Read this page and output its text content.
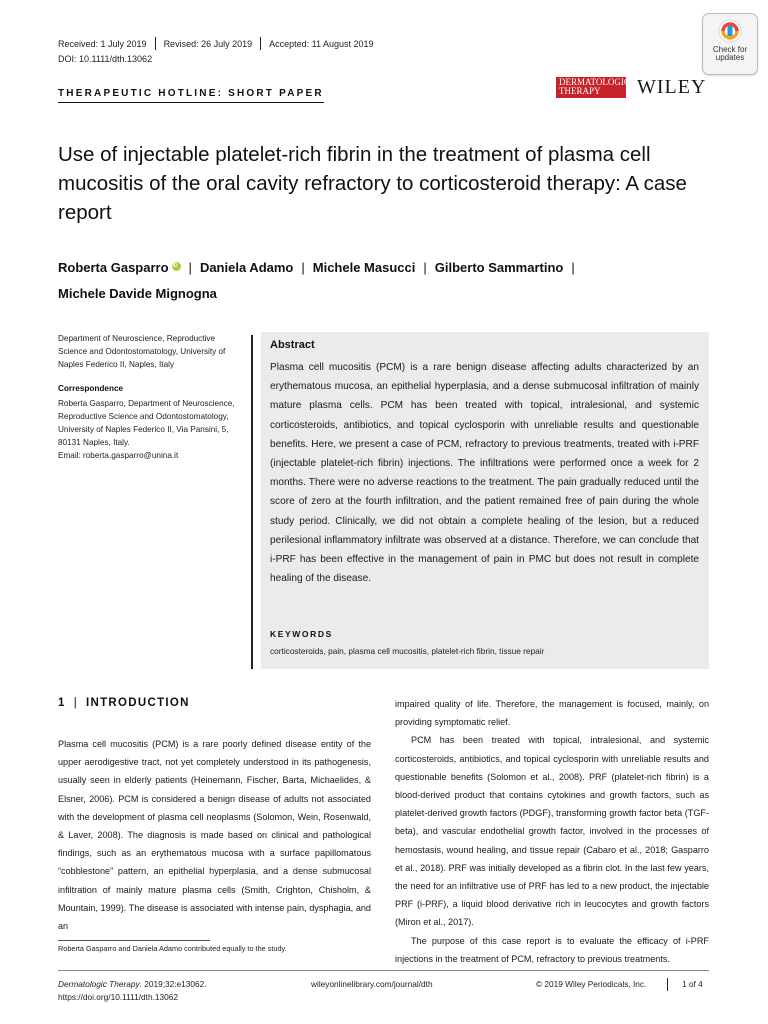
Received: 1 July 2019 Revised: 26 July 2019 Accepted: 11 August 2019
DOI: 10.1111/dth.13062
Check for
updates
THERAPEUTIC HOTLINE: SHORT PAPER
DERMATOLOGIC
THERAPY	WILEY
Use of injectable platelet-rich fibrin in the treatment of plasma cell mucositis of the oral cavity refractory to corticosteroid therapy: A case report
Roberta GasparroiD | Daniela Adamo | Michele Masucci | Gilberto Sammartino |
Michele Davide Mignogna
Department of Neuroscience, Reproductive Science and Odontostomatology, University of Naples Federico II, Naples, Italy
Correspondence
Roberta Gasparro, Department of Neuroscience, Reproductive Science and Odontostomatology, University of Naples Federico II, Via Pansini, 5, 80131 Naples, Italy.
Email: roberta.gasparro@unina.it
Abstract
Plasma cell mucositis (PCM) is a rare benign disease affecting adults characterized by an erythematous mucosa, an epithelial hyperplasia, and a dense submucosal infiltration of mainly mature plasma cells. PCM has been treated with topical, intralesional, and systemic corticosteroids, antibiotics, and topical cyclosporin with unreliable results and questionable benefits. Here, we present a case of PCM, refractory to previous treatments, treated with i-PRF (injectable platelet-rich fibrin) injections. The infiltrations were performed once a week for 2 months. There were no adverse reactions to the treatment. The pain gradually reduced until the score of zero at the fourth infiltration, and the patient remained free of pain during the whole study period. Clinically, we did not obtain a complete healing of the lesion, but a reduced perilesional inflammatory infiltrate was observed at a distance. Therefore, we can conclude that i-PRF has been effective in the management of pain in PMC but does not result in complete healing of the disease.
KEYWORDS
corticosteroids, pain, plasma cell mucositis, platelet-rich fibrin, tissue repair
1 | INTRODUCTION

Plasma cell mucositis (PCM) is a rare poorly defined disease entity of the upper aerodigestive tract, not yet completely understood in its pathogenesis, usually seen in elderly patients (Heinemann, Fischer, Barta, Michaelides, & Elsner, 2006). PCM is considered a benign disease of adults not associated with the development of plasma cell neoplasms (Solomon, Wein, Rosenwald, & Laver, 2008). The diagnosis is made based on clinical and pathological findings, such as an erythematous mucosa with a surface papillomatous “cobblestone” pattern, an epithelial hyperplasia, and a dense submucosal infiltration of mainly mature plasma cells (Smith, Crighton, Chisholm, & Mountain, 1999). The disease is associated with intense pain, dysphagia, and an

impaired quality of life. Therefore, the management is focused, mainly, on providing symptomatic relief.

PCM has been treated with topical, intralesional, and systemic corticosteroids, antibiotics, and topical cyclosporin with unreliable results and questionable benefits (Solomon et al., 2008). PRF (platelet-rich fibrin) is a blood-derived product that contains cytokines and growth factors, such as platelet-derived growth factors (PDGF), transforming growth factor beta (TGF-beta), and vascular endothelial growth factor, involved in the processes of hemostasis, wound healing, and tissue repair (Cabaro et al., 2018; Gasparro et al., 2018). PRF was initially developed as a fibrin clot. In the last few years, the need for an infiltrative use of PRF has led to a new product, the injectable PRF (i-PRF), a liquid blood derivative rich in leucocytes and growth factors (Miron et al., 2017).

The purpose of this case report is to evaluate the efficacy of i-PRF injections in the treatment of PCM, refractory to previous treatments.

Roberta Gasparro and Daniela Adamo contributed equally to the study.
Dermatologic Therapy. 2019;32:e13062.
https://doi.org/10.1111/dth.13062
wileyonlinelibrary.com/journal/dth	© 2019 Wiley Periodicals, Inc.	1 of 4
